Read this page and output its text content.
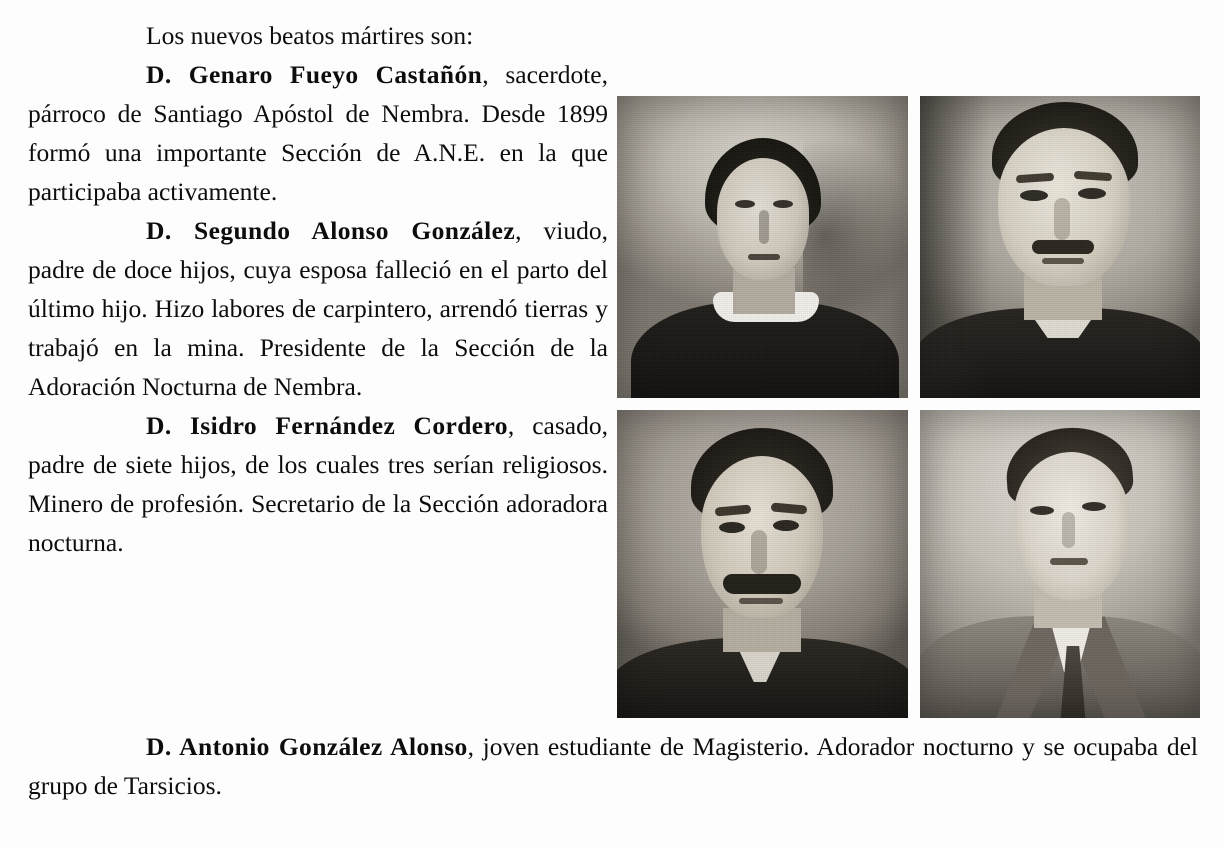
Los nuevos beatos mártires son:

D. Genaro Fueyo Castañón, sacerdote, párroco de Santiago Apóstol de Nembra. Desde 1899 formó una importante Sección de A.N.E. en la que participaba activamente.

D. Segundo Alonso González, viudo, padre de doce hijos, cuya esposa falleció en el parto del último hijo. Hizo labores de carpintero, arrendó tierras y trabajó en la mina. Presidente de la Sección de la Adoración Nocturna de Nembra.

D. Isidro Fernández Cordero, casado, padre de siete hijos, de los cuales tres serían religiosos. Minero de profesión. Secretario de la Sección adoradora nocturna.

D. Antonio González Alonso, joven estudiante de Magisterio. Adorador nocturno y se ocupaba del grupo de Tarsicios.
